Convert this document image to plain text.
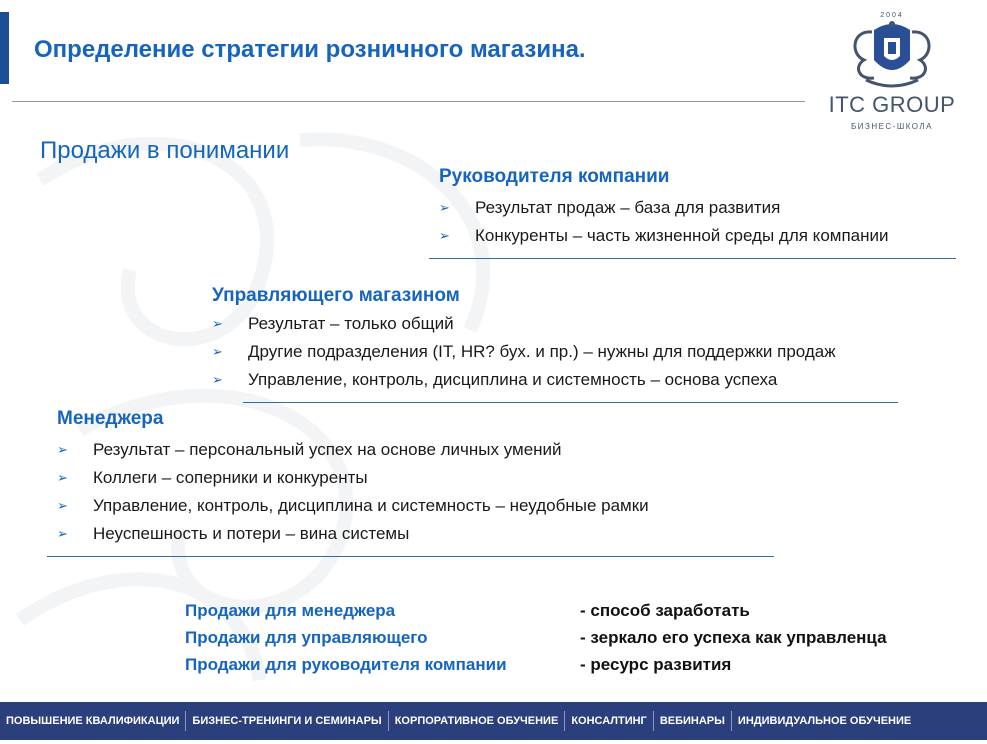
Определение стратегии розничного магазина.
2004
ITC GROUP
БИЗНЕС-ШКОЛА
Продажи в понимании
Руководителя компании
➢	Результат продаж – база для развития
➢	Конкуренты – часть жизненной среды для компании
Управляющего магазином
➢	Результат – только общий
➢	Другие подразделения (IT, HR? бух. и пр.) – нужны для поддержки продаж
➢	Управление, контроль, дисциплина и системность – основа успеха
Менеджера
➢	Результат – персональный успех на основе личных умений
➢	Коллеги – соперники и конкуренты
➢	Управление, контроль, дисциплина и системность – неудобные рамки
➢	Неуспешность и потери – вина системы
Продажи для менеджера	- способ заработать
Продажи для управляющего	- зеркало его успеха как управленца
Продажи для руководителя компании	- ресурс развития
ПОВЫШЕНИЕ КВАЛИФИКАЦИИ	БИЗНЕС-ТРЕНИНГИ И СЕМИНАРЫ	КОРПОРАТИВНОЕ ОБУЧЕНИЕ	КОНСАЛТИНГ	ВЕБИНАРЫ	ИНДИВИДУАЛЬНОЕ ОБУЧЕНИЕ
